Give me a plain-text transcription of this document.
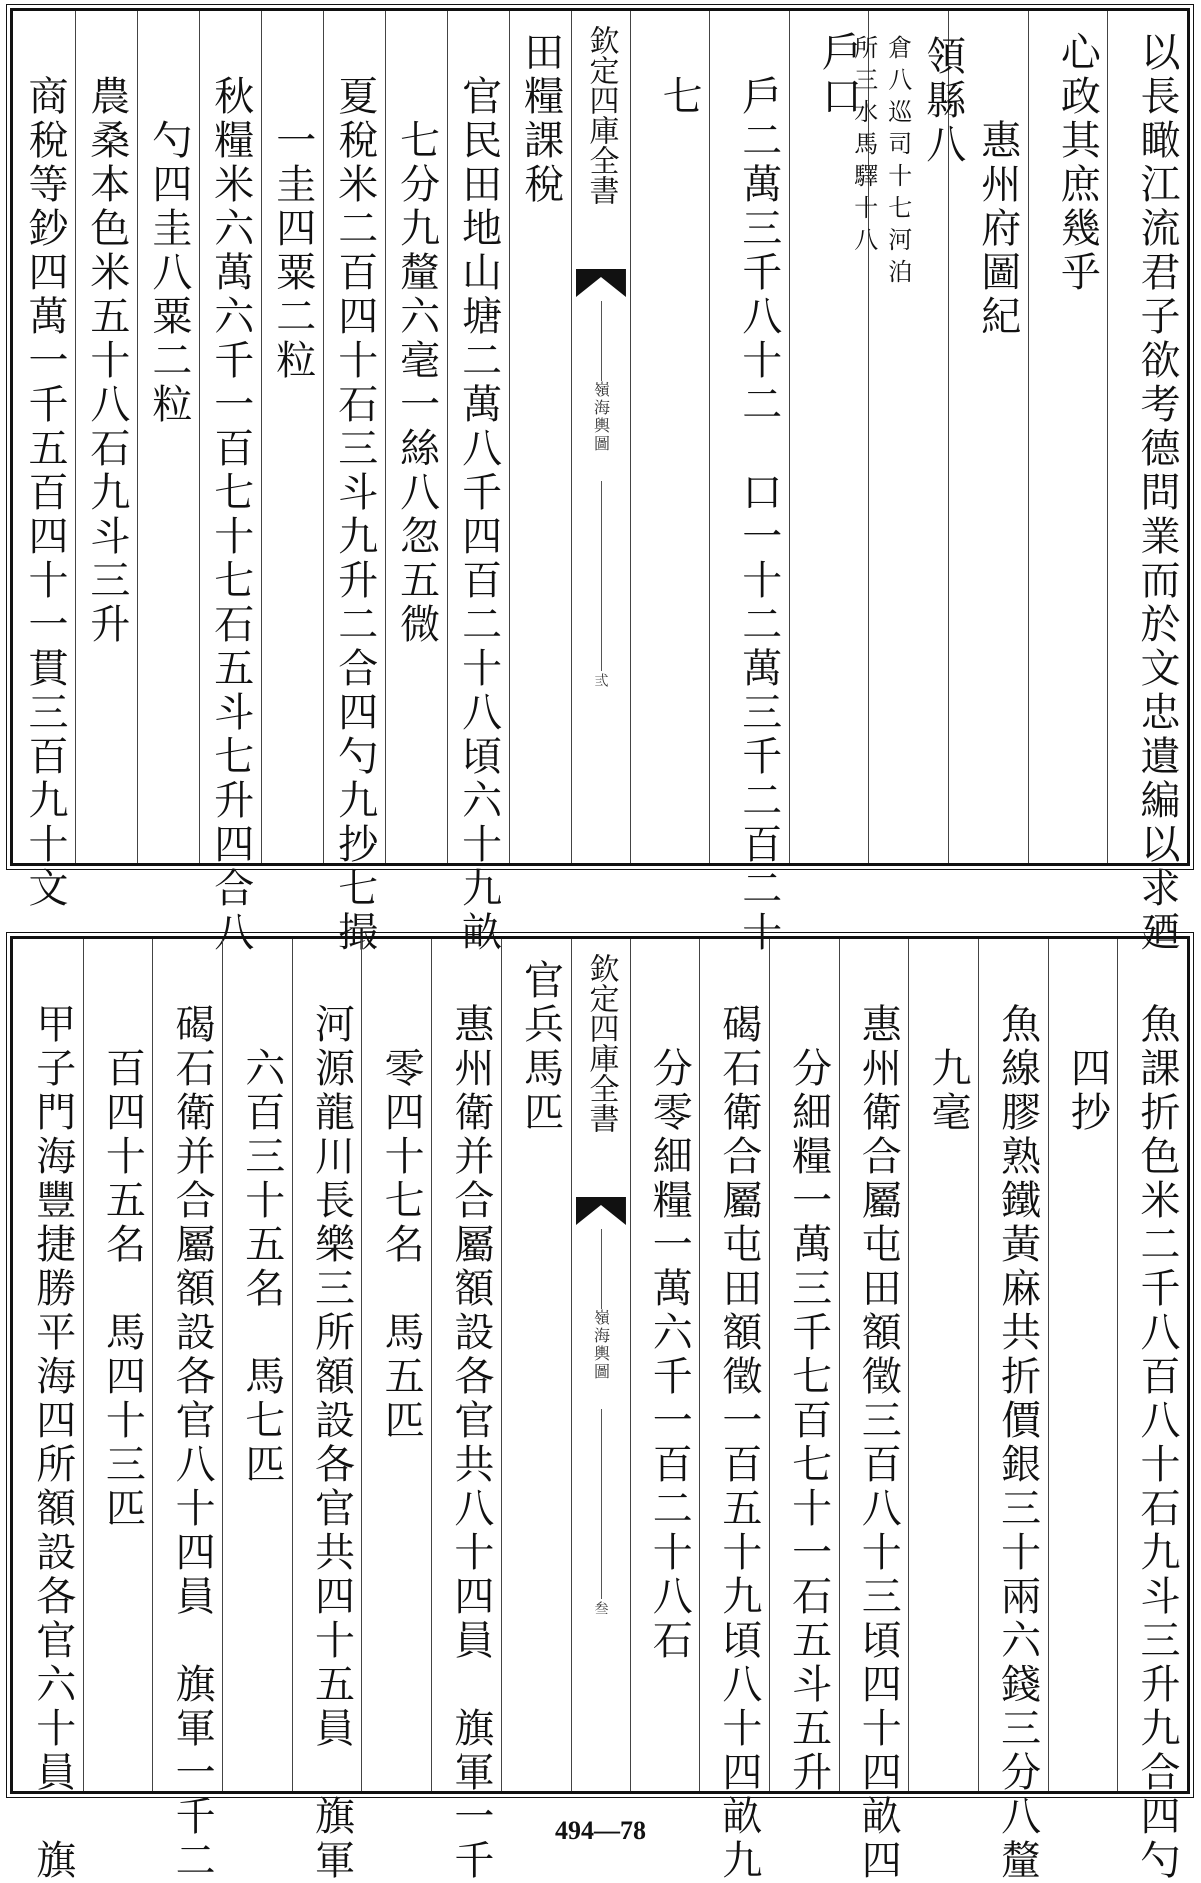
以長瞰江流君子欲考德問業而於文忠遺編以求廼
心政其庶幾乎
惠州府圖紀
領縣八
倉八巡司十七河泊
所三水馬驛十八
戶口
戶二萬三千八十二　口一十二萬三千二百二十
七
欽定四庫全書
嶺海輿圖
弎
田糧課稅
官民田地山塘二萬八千四百二十八頃六十九畝
七分九釐六毫一絲八忽五微
夏稅米二百四十石三斗九升二合四勺九抄七撮
一圭四粟二粒
秋糧米六萬六千一百七十七石五斗七升四合八
勺四圭八粟二粒
農桑本色米五十八石九斗三升
商稅等鈔四萬一千五百四十一貫三百九十文
魚課折色米二千八百八十石九斗三升九合四勺
四抄
魚線膠熟鐵黃麻共折價銀三十兩六錢三分八釐
九毫
惠州衛合屬屯田額徵三百八十三頃四十四畝四
分細糧一萬三千七百七十一石五斗五升
碣石衛合屬屯田額徵一百五十九頃八十四畝九
分零細糧一萬六千一百二十八石
欽定四庫全書
嶺海輿圖
叁
官兵馬匹
惠州衛并合屬額設各官共八十四員　旗軍一千
零四十七名　馬五匹
河源龍川長樂三所額設各官共四十五員　旗軍
六百三十五名　馬七匹
碣石衛并合屬額設各官八十四員　旗軍一千二
百四十五名　馬四十三匹
甲子門海豐捷勝平海四所額設各官六十員　旗	494—78
